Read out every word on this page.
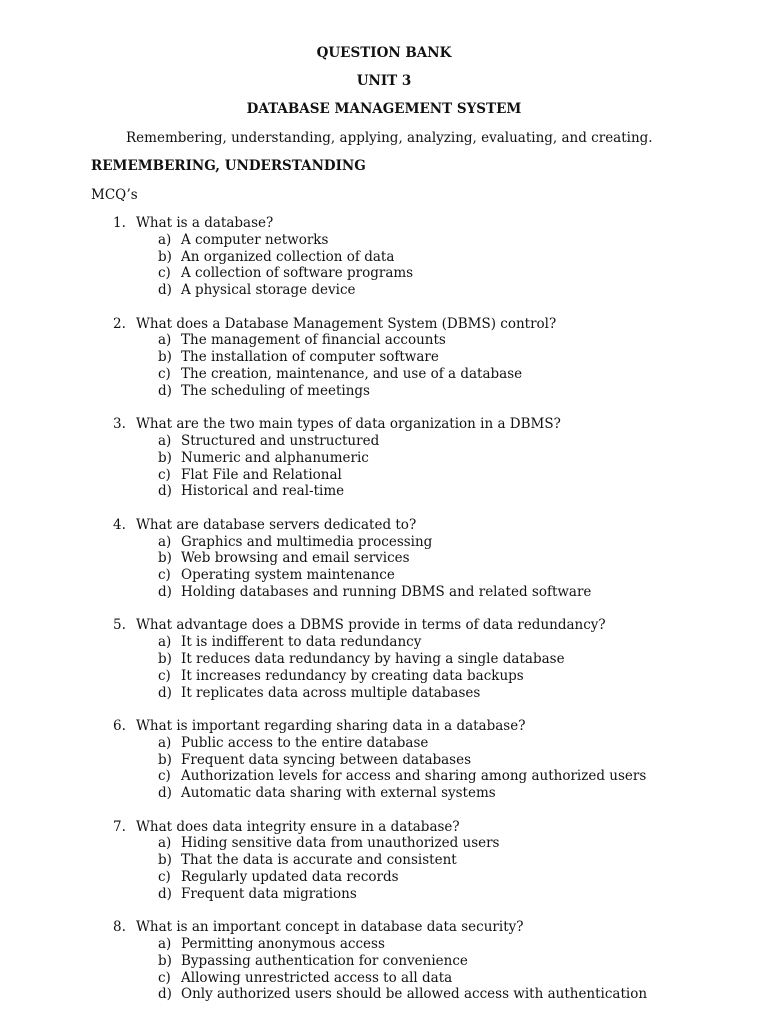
QUESTION BANK
UNIT 3
DATABASE MANAGEMENT SYSTEM
Remembering, understanding, applying, analyzing, evaluating, and creating.
REMEMBERING, UNDERSTANDING
MCQ’s
1. What is a database?
a) A computer networks
b) An organized collection of data
c) A collection of software programs
d) A physical storage device
2. What does a Database Management System (DBMS) control?
a) The management of financial accounts
b) The installation of computer software
c) The creation, maintenance, and use of a database
d) The scheduling of meetings
3. What are the two main types of data organization in a DBMS?
a) Structured and unstructured
b) Numeric and alphanumeric
c) Flat File and Relational
d) Historical and real-time
4. What are database servers dedicated to?
a) Graphics and multimedia processing
b) Web browsing and email services
c) Operating system maintenance
d) Holding databases and running DBMS and related software
5. What advantage does a DBMS provide in terms of data redundancy?
a) It is indifferent to data redundancy
b) It reduces data redundancy by having a single database
c) It increases redundancy by creating data backups
d) It replicates data across multiple databases
6. What is important regarding sharing data in a database?
a) Public access to the entire database
b) Frequent data syncing between databases
c) Authorization levels for access and sharing among authorized users
d) Automatic data sharing with external systems
7. What does data integrity ensure in a database?
a) Hiding sensitive data from unauthorized users
b) That the data is accurate and consistent
c) Regularly updated data records
d) Frequent data migrations
8. What is an important concept in database data security?
a) Permitting anonymous access
b) Bypassing authentication for convenience
c) Allowing unrestricted access to all data
d) Only authorized users should be allowed access with authentication
